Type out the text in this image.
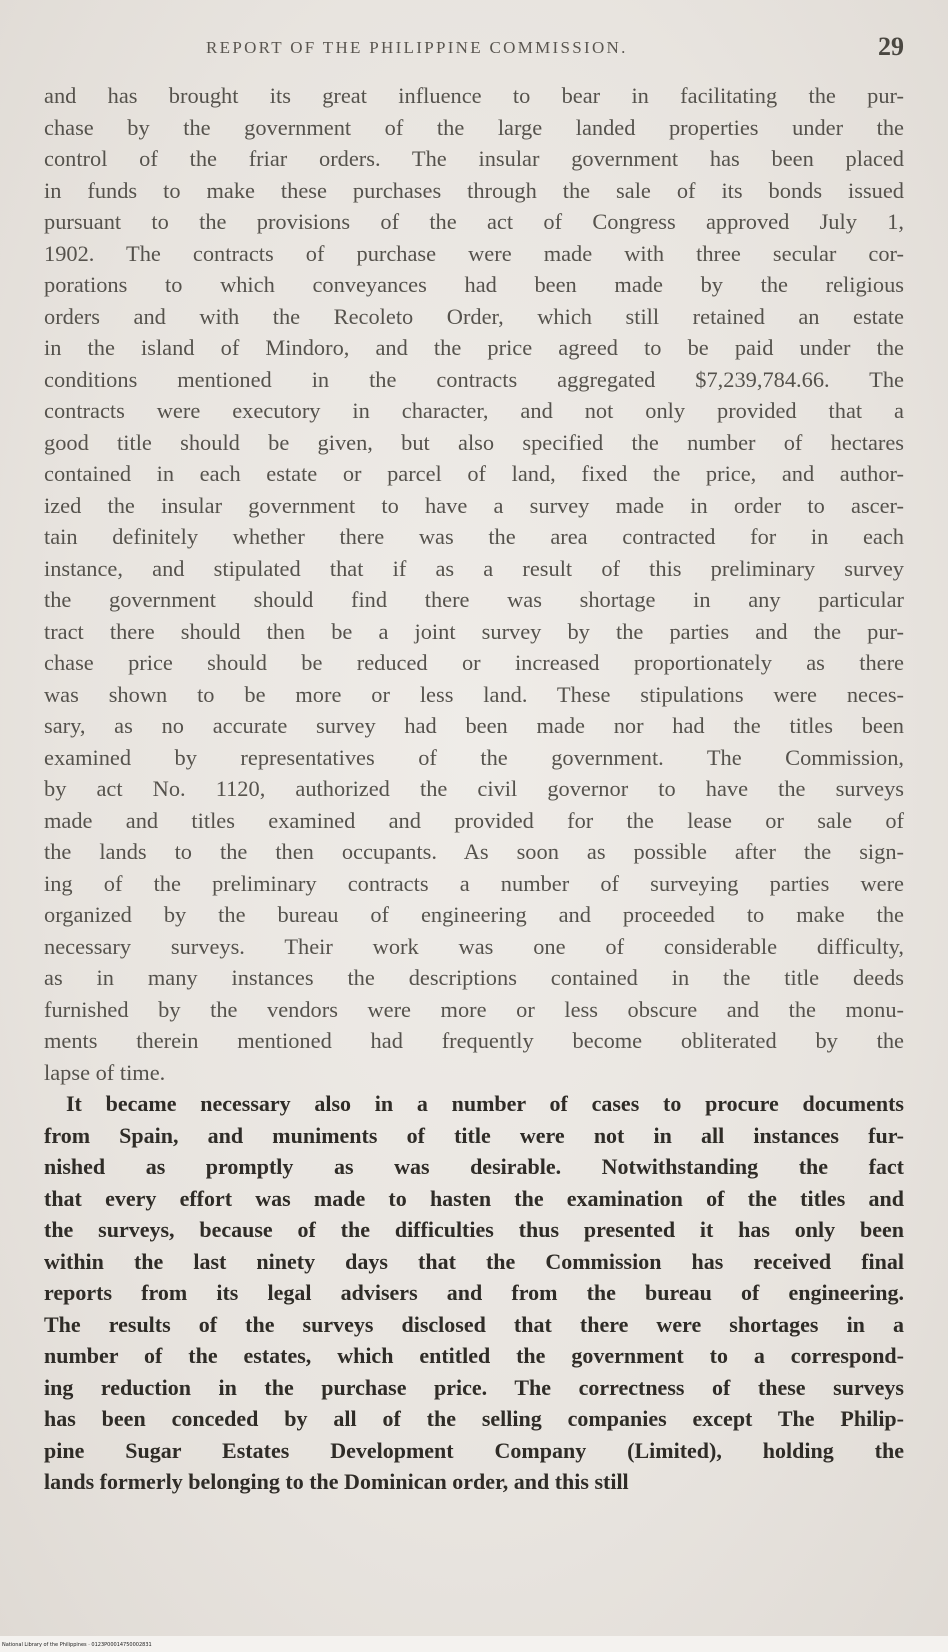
REPORT OF THE PHILIPPINE COMMISSION.	29
and has brought its great influence to bear in facilitating the pur-
chase by the government of the large landed properties under the
control of the friar orders. The insular government has been placed
in funds to make these purchases through the sale of its bonds issued
pursuant to the provisions of the act of Congress approved July 1,
1902. The contracts of purchase were made with three secular cor-
porations to which conveyances had been made by the religious
orders and with the Recoleto Order, which still retained an estate
in the island of Mindoro, and the price agreed to be paid under the
conditions mentioned in the contracts aggregated $7,239,784.66. The
contracts were executory in character, and not only provided that a
good title should be given, but also specified the number of hectares
contained in each estate or parcel of land, fixed the price, and author-
ized the insular government to have a survey made in order to ascer-
tain definitely whether there was the area contracted for in each
instance, and stipulated that if as a result of this preliminary survey
the government should find there was shortage in any particular
tract there should then be a joint survey by the parties and the pur-
chase price should be reduced or increased proportionately as there
was shown to be more or less land. These stipulations were neces-
sary, as no accurate survey had been made nor had the titles been
examined by representatives of the government. The Commission,
by act No. 1120, authorized the civil governor to have the surveys
made and titles examined and provided for the lease or sale of
the lands to the then occupants. As soon as possible after the sign-
ing of the preliminary contracts a number of surveying parties were
organized by the bureau of engineering and proceeded to make the
necessary surveys. Their work was one of considerable difficulty,
as in many instances the descriptions contained in the title deeds
furnished by the vendors were more or less obscure and the monu-
ments therein mentioned had frequently become obliterated by the
lapse of time.
It became necessary also in a number of cases to procure documents
from Spain, and muniments of title were not in all instances fur-
nished as promptly as was desirable. Notwithstanding the fact
that every effort was made to hasten the examination of the titles and
the surveys, because of the difficulties thus presented it has only been
within the last ninety days that the Commission has received final
reports from its legal advisers and from the bureau of engineering.
The results of the surveys disclosed that there were shortages in a
number of the estates, which entitled the government to a correspond-
ing reduction in the purchase price. The correctness of these surveys
has been conceded by all of the selling companies except The Philip-
pine Sugar Estates Development Company (Limited), holding the
lands formerly belonging to the Dominican order, and this still
National Library of the Philippines · 0123P00014750002831
